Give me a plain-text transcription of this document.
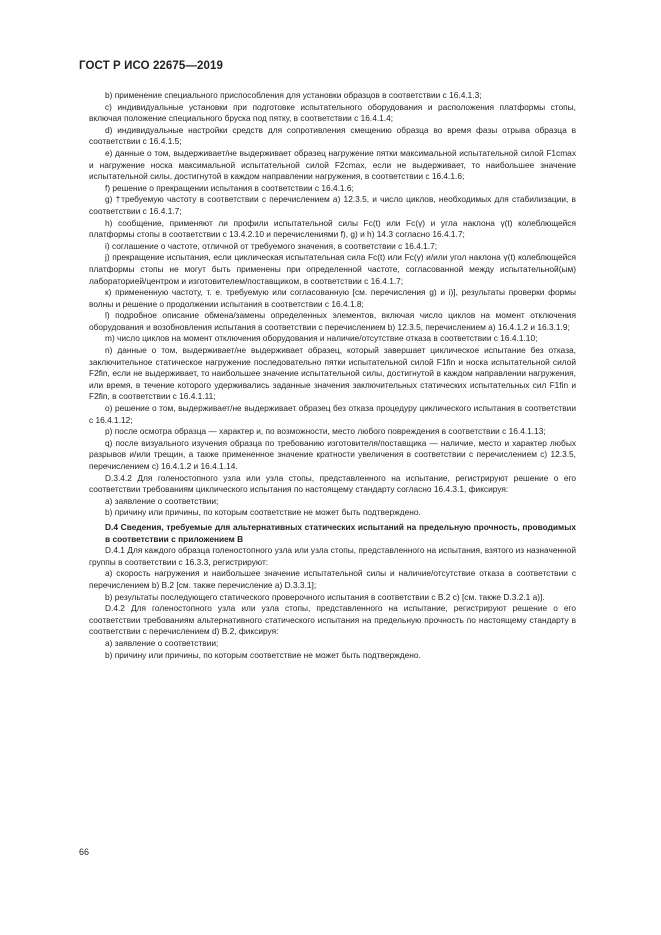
ГОСТ Р ИСО 22675—2019

b) применение специального приспособления для установки образцов в соответствии с 16.4.1.3;

c) индивидуальные установки при подготовке испытательного оборудования и расположения платформы стопы, включая положение специального бруска под пятку, в соответствии с 16.4.1.4;

d) индивидуальные настройки средств для сопротивления смещению образца во время фазы отрыва образца в соответствии с 16.4.1.5;

e) данные о том, выдерживает/не выдерживает образец нагружение пятки максимальной испытательной силой F1cmax и нагружение носка максимальной испытательной силой F2cmax, если не выдерживает, то наибольшее значение испытательной силы, достигнутой в каждом направлении нагружения, в соответствии с 16.4.1.6;

f) решение о прекращении испытания в соответствии с 16.4.1.6;

g) †требуемую частоту в соответствии с перечислением а) 12.3.5, и число циклов, необходимых для стабилизации, в соответствии с 16.4.1.7;

h) сообщение, применяют ли профили испытательной силы Fc(t) или Fc(γ) и угла наклона γ(t) колеблющейся платформы стопы в соответствии с 13.4.2.10 и перечислениями f), g) и h) 14.3 согласно 16.4.1.7;

i) соглашение о частоте, отличной от требуемого значения, в соответствии с 16.4.1.7;

j) прекращение испытания, если циклическая испытательная сила Fc(t) или Fc(γ) и/или угол наклона γ(t) колеблющейся платформы стопы не могут быть применены при определенной частоте, согласованной между испытательной(ым) лабораторией/центром и изготовителем/поставщиком, в соответствии с 16.4.1.7;

к) примененную частоту, т. е. требуемую или согласованную [см. перечисления g) и i)], результаты проверки формы волны и решение о продолжении испытания в соответствии с 16.4.1.8;

l) подробное описание обмена/замены определенных элементов, включая число циклов на момент отключения оборудования и возобновления испытания в соответствии с перечислением b) 12.3.5, перечислением а) 16.4.1.2 и 16.3.1.9;

m) число циклов на момент отключения оборудования и наличие/отсутствие отказа в соответствии с 16.4.1.10;

n) данные о том, выдерживает/не выдерживает образец, который завершает циклическое испытание без отказа, заключительное статическое нагружение последовательно пятки испытательной силой F1fin и носка испытательной силой F2fin, если не выдерживает, то наибольшее значение испытательной силы, достигнутой в каждом направлении нагружения, или время, в течение которого удерживались заданные значения заключительных статических испытательных сил F1fin и F2fin, в соответствии с 16.4.1.11;

o) решение о том, выдерживает/не выдерживает образец без отказа процедуру циклического испытания в соответствии с 16.4.1.12;

p) после осмотра образца — характер и, по возможности, место любого повреждения в соответствии с 16.4.1.13;

q) после визуального изучения образца по требованию изготовителя/поставщика — наличие, место и характер любых разрывов и/или трещин, а также примененное значение кратности увеличения в соответствии с перечислением с) 12.3.5, перечислением с) 16.4.1.2 и 16.4.1.14.

D.3.4.2 Для голеностопного узла или узла стопы, представленного на испытание, регистрируют решение о его соответствии требованиям циклического испытания по настоящему стандарту согласно 16.4.3.1, фиксируя:

а) заявление о соответствии;

b) причину или причины, по которым соответствие не может быть подтверждено.

D.4 Сведения, требуемые для альтернативных статических испытаний на предельную прочность, проводимых в соответствии с приложением В

D.4.1 Для каждого образца голеностопного узла или узла стопы, представленного на испытания, взятого из назначенной группы в соответствии с 16.3.3, регистрируют:

а) скорость нагружения и наибольшее значение испытательной силы и наличие/отсутствие отказа в соответствии с перечислением b) В.2 [см. также перечисление а) D.3.3.1];

b) результаты последующего статического проверочного испытания в соответствии с В.2 с) [см. также D.3.2.1 а)].

D.4.2 Для голеностопного узла или узла стопы, представленного на испытание, регистрируют решение о его соответствии требованиям альтернативного статического испытания на предельную прочность по настоящему стандарту в соответствии с перечислением d) В.2, фиксируя:

а) заявление о соответствии;

b) причину или причины, по которым соответствие не может быть подтверждено.

66
